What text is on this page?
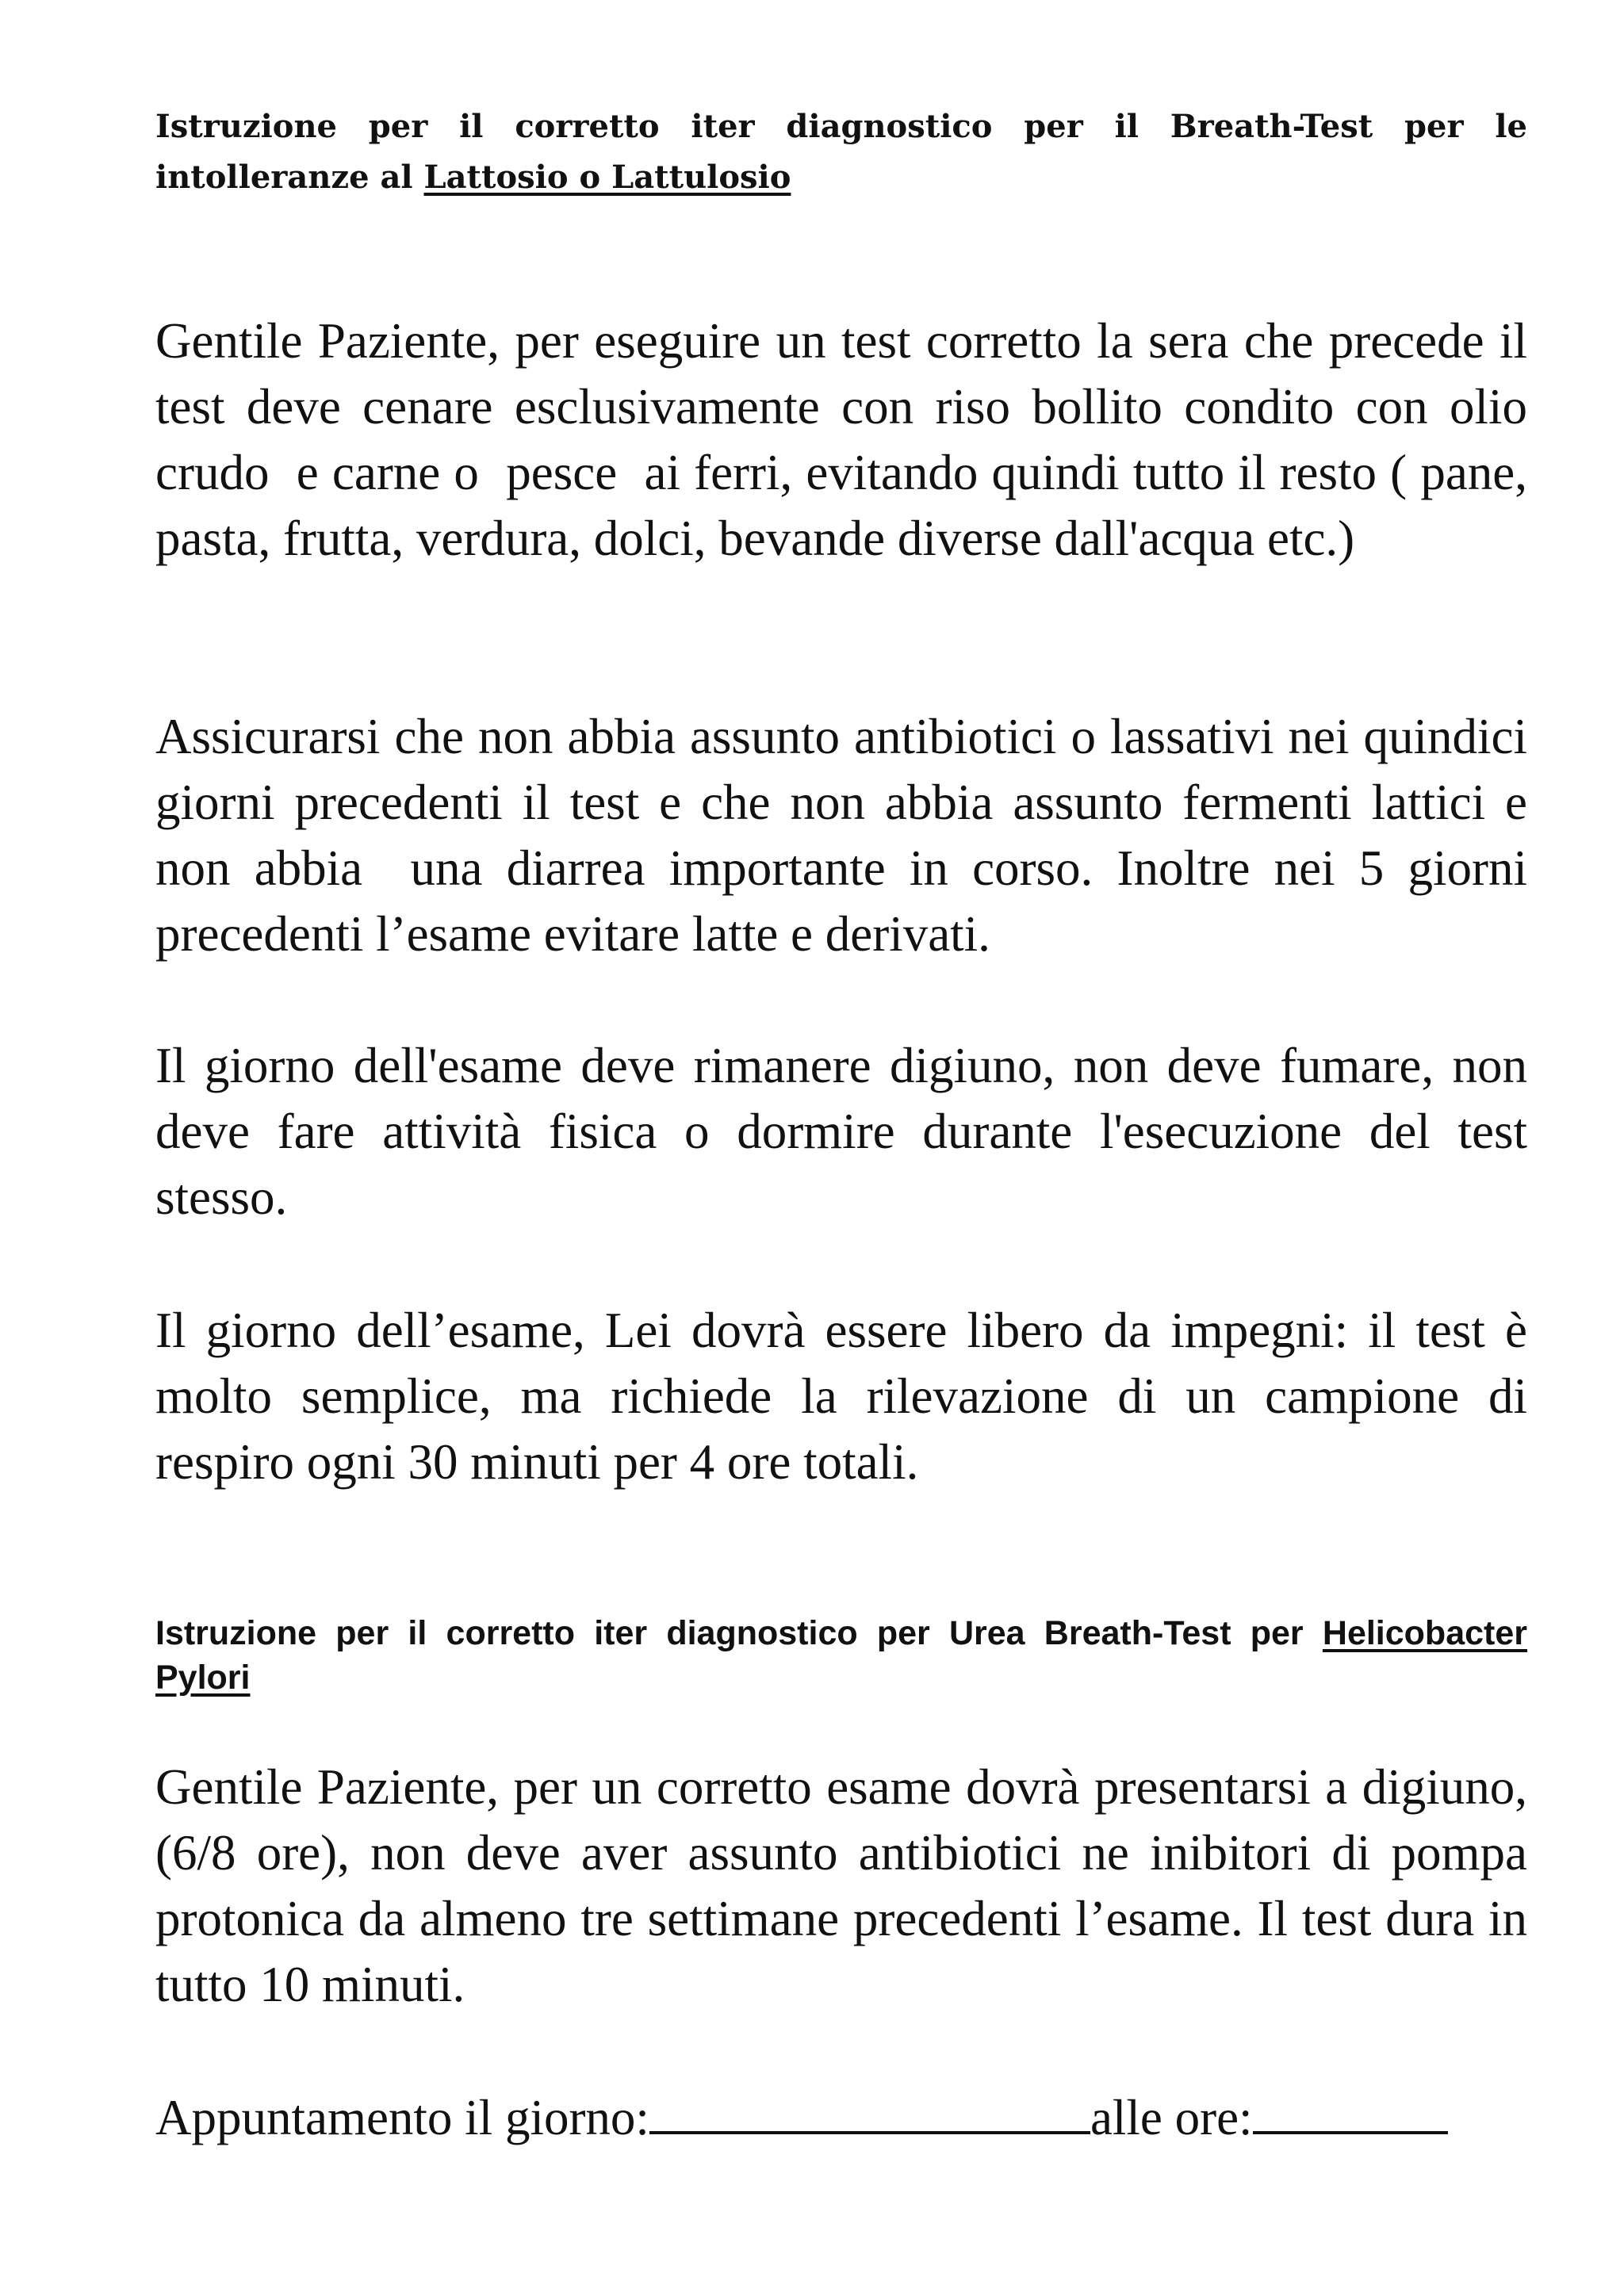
Istruzione per il corretto iter diagnostico per il Breath-Test per le intolleranze al Lattosio o Lattulosio

Gentile Paziente, per eseguire un test corretto la sera che precede il test deve cenare esclusivamente con riso bollito condito con olio crudo  e carne o  pesce  ai ferri, evitando quindi tutto il resto ( pane, pasta, frutta, verdura, dolci, bevande diverse dall'acqua etc.)

Assicurarsi che non abbia assunto antibiotici o lassativi nei quindici giorni precedenti il test e che non abbia assunto fermenti lattici e non abbia  una diarrea importante in corso. Inoltre nei 5 giorni precedenti l’esame evitare latte e derivati.

Il giorno dell'esame deve rimanere digiuno, non deve fumare, non deve fare attività fisica o dormire durante l'esecuzione del test stesso.

Il giorno dell’esame, Lei dovrà essere libero da impegni: il test è molto semplice, ma richiede la rilevazione di un campione di respiro ogni 30 minuti per 4 ore totali.

Istruzione per il corretto iter diagnostico per Urea Breath-Test per Helicobacter Pylori

Gentile Paziente, per un corretto esame dovrà presentarsi a digiuno, (6/8 ore), non deve aver assunto antibiotici ne inibitori di pompa protonica da almeno tre settimane precedenti l’esame. Il test dura in tutto 10 minuti.

Appuntamento il giorno:	alle ore:
